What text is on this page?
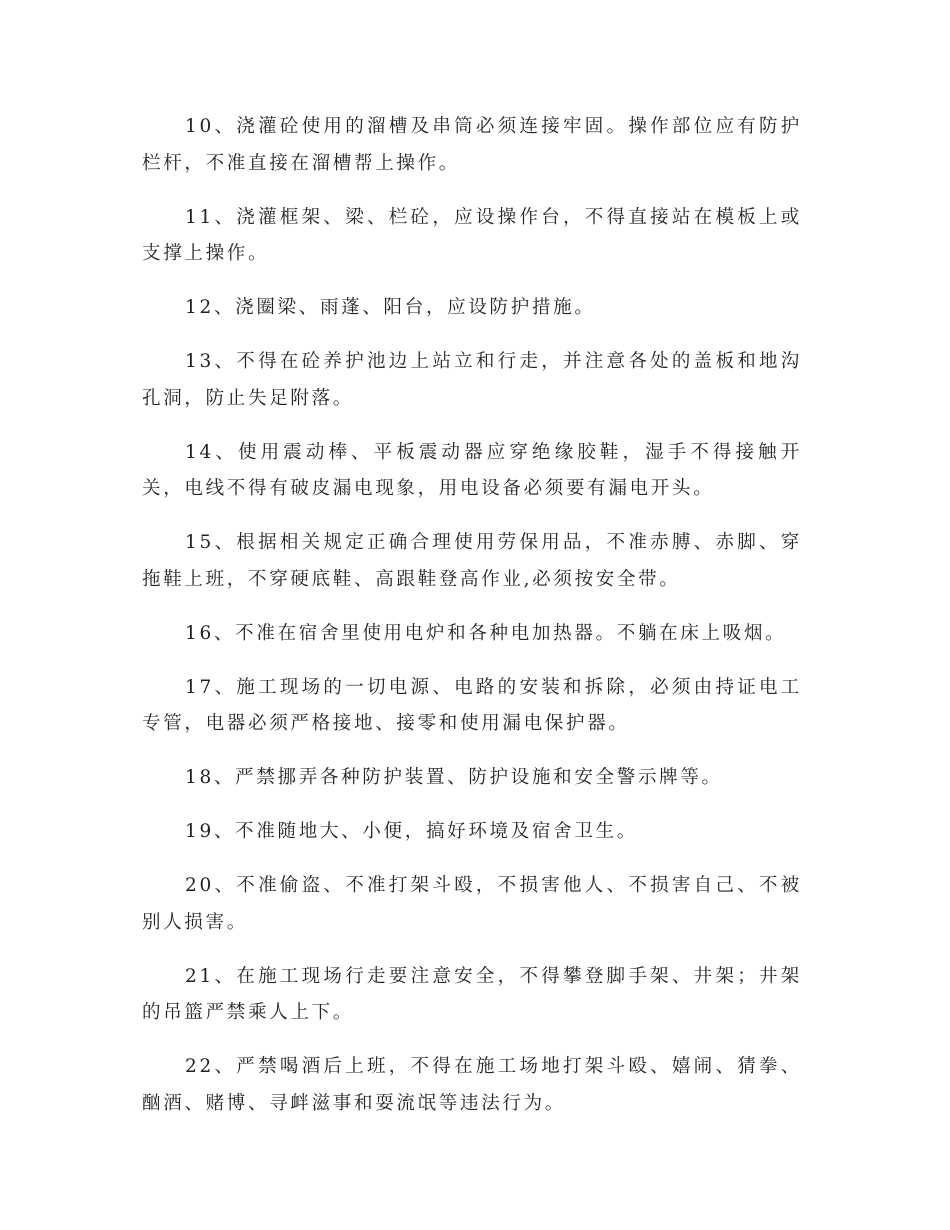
10、浇灌砼使用的溜槽及串筒必须连接牢固。操作部位应有防护栏杆，不准直接在溜槽帮上操作。

11、浇灌框架、梁、栏砼，应设操作台，不得直接站在模板上或支撑上操作。

12、浇圈梁、雨蓬、阳台，应设防护措施。

13、不得在砼养护池边上站立和行走，并注意各处的盖板和地沟孔洞，防止失足附落。

14、使用震动棒、平板震动器应穿绝缘胶鞋，湿手不得接触开关，电线不得有破皮漏电现象，用电设备必须要有漏电开头。

15、根据相关规定正确合理使用劳保用品，不准赤膊、赤脚、穿拖鞋上班，不穿硬底鞋、高跟鞋登高作业,必须按安全带。

16、不准在宿舍里使用电炉和各种电加热器。不躺在床上吸烟。

17、施工现场的一切电源、电路的安装和拆除，必须由持证电工专管，电器必须严格接地、接零和使用漏电保护器。

18、严禁挪弄各种防护装置、防护设施和安全警示牌等。

19、不准随地大、小便，搞好环境及宿舍卫生。

20、不准偷盗、不准打架斗殴，不损害他人、不损害自己、不被别人损害。

21、在施工现场行走要注意安全，不得攀登脚手架、井架；井架的吊篮严禁乘人上下。

22、严禁喝酒后上班，不得在施工场地打架斗殴、嬉闹、猜拳、酗酒、赌博、寻衅滋事和耍流氓等违法行为。
